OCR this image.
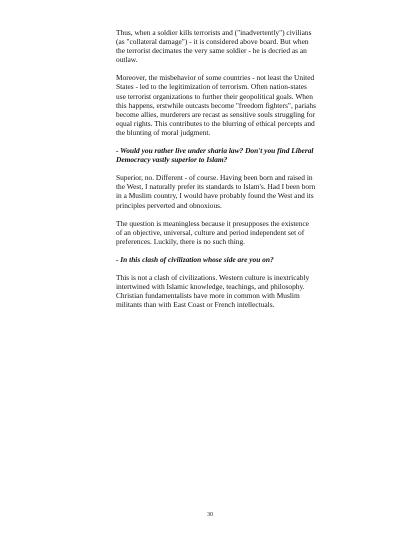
Thus, when a soldier kills terrorists and ("inadvertently") civilians (as "collateral damage") - it is considered above board. But when the terrorist decimates the very same soldier - he is decried as an outlaw.

Moreover, the misbehavior of some countries - not least the United States - led to the legitimization of terrorism. Often nation-states use terrorist organizations to further their geopolitical goals. When this happens, erstwhile outcasts become "freedom fighters", pariahs become allies, murderers are recast as sensitive souls struggling for equal rights. This contributes to the blurring of ethical percepts and the blunting of moral judgment.

- Would you rather live under sharia law? Don't you find Liberal Democracy vastly superior to Islam?

Superior, no. Different - of course. Having been born and raised in the West, I naturally prefer its standards to Islam's. Had I been born in a Muslim country, I would have probably found the West and its principles perverted and obnoxious.

The question is meaningless because it presupposes the existence of an objective, universal, culture and period independent set of preferences. Luckily, there is no such thing.

- In this clash of civilization whose side are you on?

This is not a clash of civilizations. Western culture is inextricably intertwined with Islamic knowledge, teachings, and philosophy. Christian fundamentalists have more in common with Muslim militants than with East Coast or French intellectuals.

30
